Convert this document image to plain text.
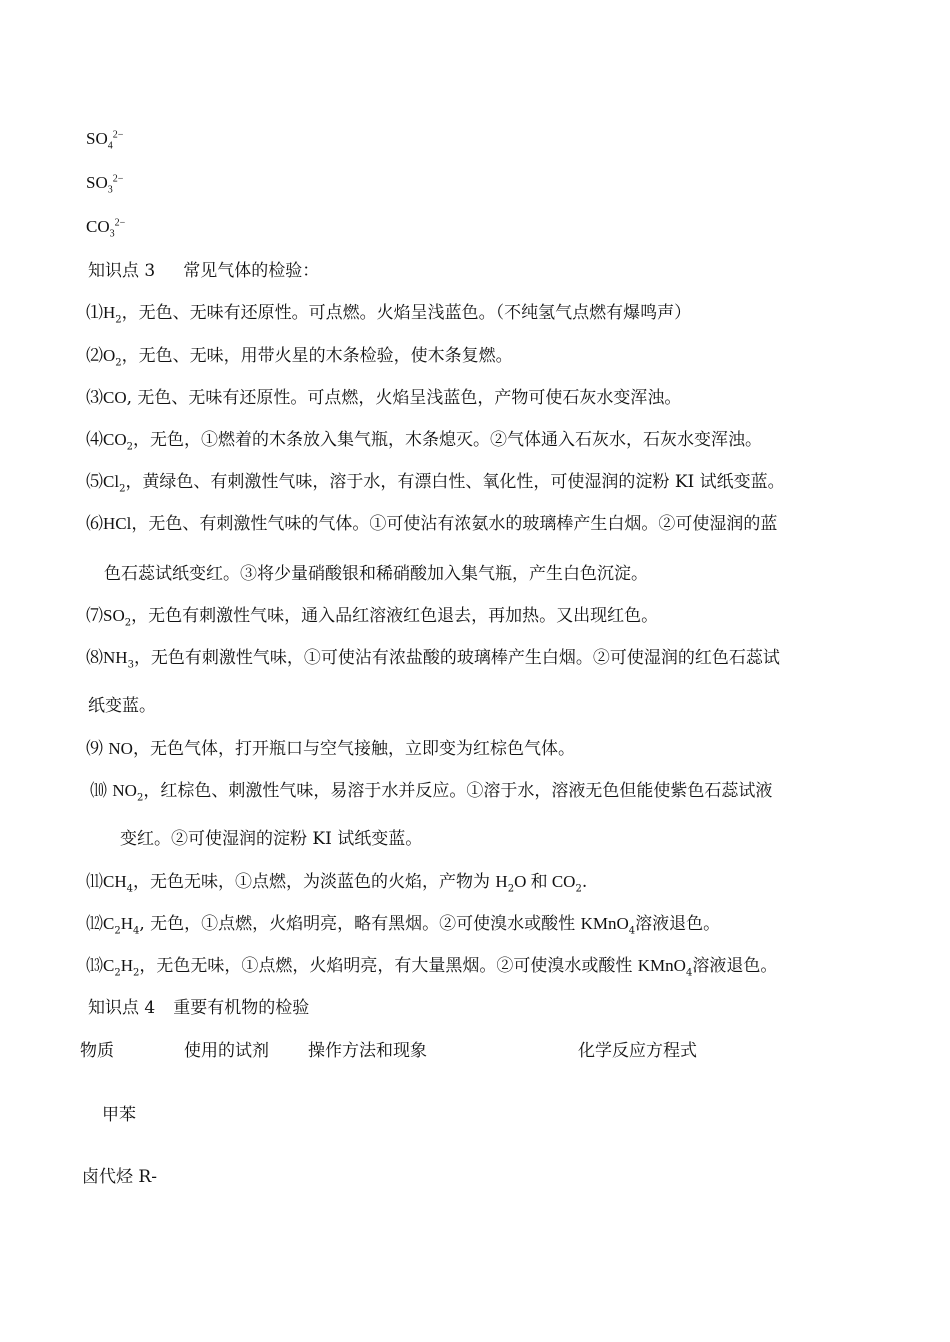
$SO_4^{2-}$
$SO_3^{2-}$
$CO_3^{2-}$
知识点 3 常见气体的检验：
$⑴H_2$，无色、无味有还原性。可点燃。火焰呈浅蓝色。（不纯氢气点燃有爆鸣声）
$⑵O_2$，无色、无味，用带火星的木条检验，使木条复燃。
⑶CO, 无色、无味有还原性。可点燃，火焰呈浅蓝色，产物可使石灰水变浑浊。
$⑷CO_2$，无色，①燃着的木条放入集气瓶，木条熄灭。②气体通入石灰水，石灰水变浑浊。
$⑸Cl_2$，黄绿色、有刺激性气味，溶于水，有漂白性、氧化性，可使湿润的淀粉 KI 试纸变蓝。
⑹HCl，无色、有刺激性气味的气体。①可使沾有浓氨水的玻璃棒产生白烟。②可使湿润的蓝
色石蕊试纸变红。③将少量硝酸银和稀硝酸加入集气瓶，产生白色沉淀。
$⑺SO_2$，无色有刺激性气味，通入品红溶液红色退去，再加热。又出现红色。
$⑻NH_3$，无色有刺激性气味，①可使沾有浓盐酸的玻璃棒产生白烟。②可使湿润的红色石蕊试
纸变蓝。
⑼ NO，无色气体，打开瓶口与空气接触，立即变为红棕色气体。
⑽ $NO_2$，红棕色、刺激性气味，易溶于水并反应。①溶于水，溶液无色但能使紫色石蕊试液
变红。②可使湿润的淀粉 KI 试纸变蓝。
$⑾CH_4$，无色无味，①点燃，为淡蓝色的火焰，产物为 $H_2O$ 和 $CO_2$.
$⑿C_2H_4$, 无色，①点燃，火焰明亮，略有黑烟。②可使溴水或酸性 KMnO$_4$溶液退色。
$⒀C_2H_2$，无色无味，①点燃，火焰明亮，有大量黑烟。②可使溴水或酸性 KMnO$_4$溶液退色。
知识点 4 重要有机物的检验
物质	使用的试剂 操作方法和现象	化学反应方程式
甲苯
卤代烃 R-
